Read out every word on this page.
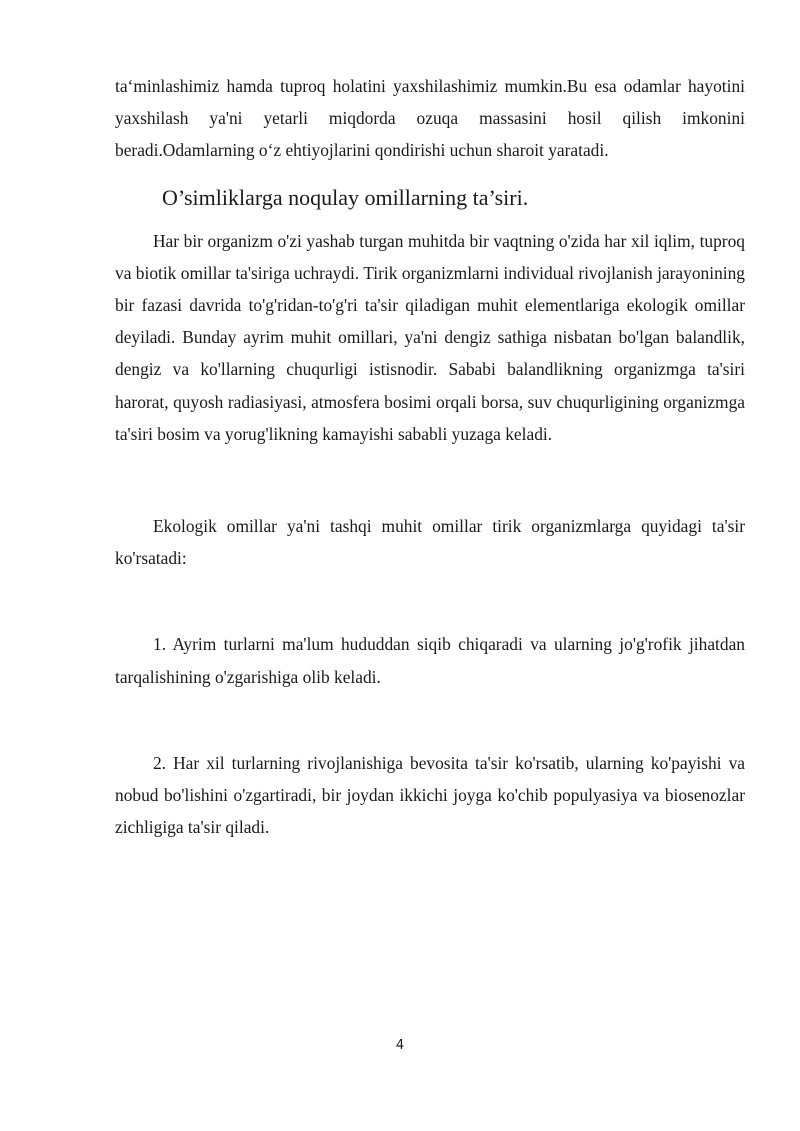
ta‘minlashimiz hamda tuproq holatini yaxshilashimiz mumkin.Bu esa odamlar hayotini yaxshilash ya'ni yetarli miqdorda ozuqa massasini hosil qilish imkonini beradi.Odamlarning o‘z ehtiyojlarini qondirishi uchun sharoit yaratadi.

O’simliklarga noqulay omillarning ta’siri.

Har bir organizm o'zi yashab turgan muhitda bir vaqtning o'zida har xil iqlim, tuproq va biotik omillar ta'siriga uchraydi. Tirik organizmlarni individual rivojlanish jarayonining bir fazasi davrida to'g'ridan-to'g'ri ta'sir qiladigan muhit elementlariga ekologik omillar deyiladi. Bunday ayrim muhit omillari, ya'ni dengiz sathiga nisbatan bo'lgan balandlik, dengiz va ko'llarning chuqurligi istisnodir. Sababi balandlikning organizmga ta'siri harorat, quyosh radiasiyasi, atmosfera bosimi orqali borsa, suv chuqurligining organizmga ta'siri bosim va yorug'likning kamayishi sababli yuzaga keladi.

Ekologik omillar ya'ni tashqi muhit omillar tirik organizmlarga quyidagi ta'sir ko'rsatadi:

1. Ayrim turlarni ma'lum hududdan siqib chiqaradi va ularning jo'g'rofik jihatdan tarqalishining o'zgarishiga olib keladi.

2. Har xil turlarning rivojlanishiga bevosita ta'sir ko'rsatib, ularning ko'payishi va nobud bo'lishini o'zgartiradi, bir joydan ikkichi joyga ko'chib populyasiya va biosenozlar zichligiga ta'sir qiladi.

4
